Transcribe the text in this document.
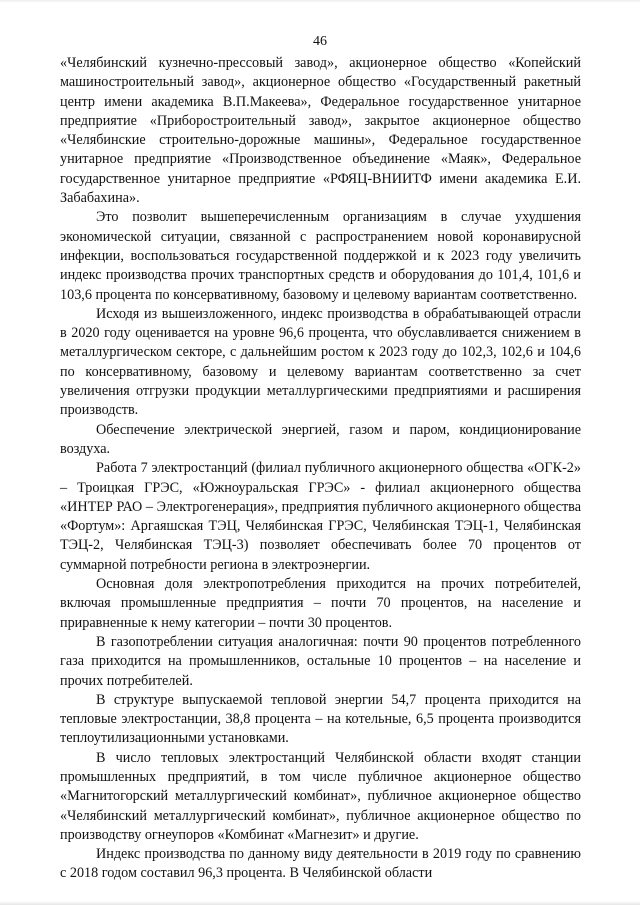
46

«Челябинский кузнечно-прессовый завод», акционерное общество «Копейский машиностроительный завод», акционерное общество «Государственный ракетный центр имени академика В.П.Макеева», Федеральное государственное унитарное предприятие «Приборостроительный завод», закрытое акционерное общество «Челябинские строительно-дорожные машины», Федеральное государственное унитарное предприятие «Производственное объединение «Маяк», Федеральное государственное унитарное предприятие «РФЯЦ-ВНИИТФ имени академика Е.И. Забабахина».

Это позволит вышеперечисленным организациям в случае ухудшения экономической ситуации, связанной с распространением новой коронавирусной инфекции, воспользоваться государственной поддержкой и к 2023 году увеличить индекс производства прочих транспортных средств и оборудования до 101,4, 101,6 и 103,6 процента по консервативному, базовому и целевому вариантам соответственно.

Исходя из вышеизложенного, индекс производства в обрабатывающей отрасли в 2020 году оценивается на уровне 96,6 процента, что обуславливается снижением в металлургическом секторе, с дальнейшим ростом к 2023 году до 102,3, 102,6 и 104,6 по консервативному, базовому и целевому вариантам соответственно за счет увеличения отгрузки продукции металлургическими предприятиями и расширения производств.

Обеспечение электрической энергией, газом и паром, кондиционирование воздуха.

Работа 7 электростанций (филиал публичного акционерного общества «ОГК-2» – Троицкая ГРЭС, «Южноуральская ГРЭС» - филиал акционерного общества «ИНТЕР РАО – Электрогенерация», предприятия публичного акционерного общества «Фортум»: Аргаяшская ТЭЦ, Челябинская ГРЭС, Челябинская ТЭЦ-1, Челябинская ТЭЦ-2, Челябинская ТЭЦ-3) позволяет обеспечивать более 70 процентов от суммарной потребности региона в электроэнергии.

Основная доля электропотребления приходится на прочих потребителей, включая промышленные предприятия – почти 70 процентов, на население и приравненные к нему категории – почти 30 процентов.

В газопотреблении ситуация аналогичная: почти 90 процентов потребленного газа приходится на промышленников, остальные 10 процентов – на население и прочих потребителей.

В структуре выпускаемой тепловой энергии 54,7 процента приходится на тепловые электростанции, 38,8 процента – на котельные, 6,5 процента производится теплоутилизационными установками.

В число тепловых электростанций Челябинской области входят станции промышленных предприятий, в том числе публичное акционерное общество «Магнитогорский металлургический комбинат», публичное акционерное общество «Челябинский металлургический комбинат», публичное акционерное общество по производству огнеупоров «Комбинат «Магнезит» и другие.

Индекс производства по данному виду деятельности в 2019 году по сравнению с 2018 годом составил 96,3 процента. В Челябинской области
